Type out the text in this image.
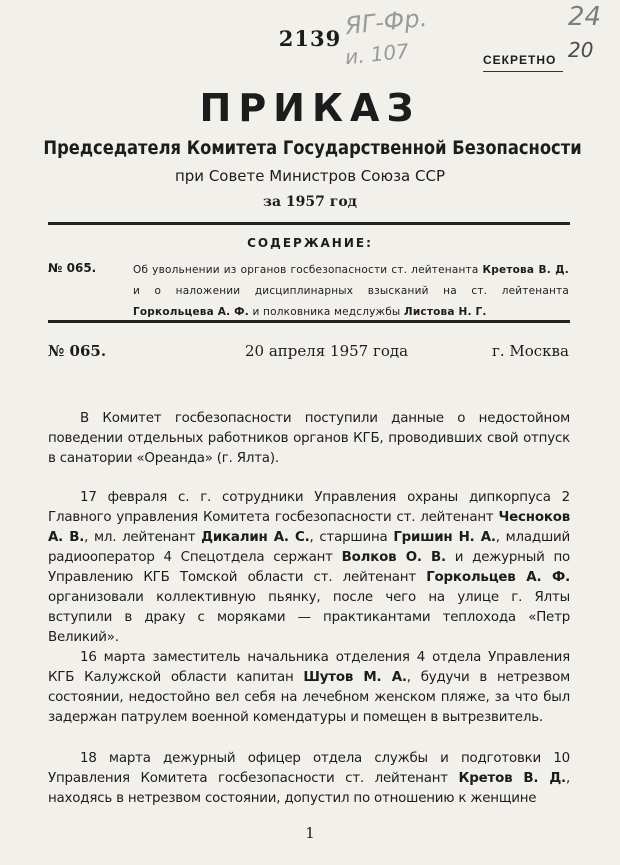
2139 ЯГ-Фр.
и. 107
24
20
СЕКРЕТНО
ПРИКАЗ
Председателя Комитета Государственной Безопасности
при Совете Министров Союза ССР
за 1957 год
СОДЕРЖАНИЕ:
№ 065.	Об увольнении из органов госбезопасности ст. лейтенанта Кретова В. Д. и о наложении дисциплинарных взысканий на ст. лейтенанта Горкольцева А. Ф. и полковника медслужбы Листова Н. Г.
№ 065.	20 апреля 1957 года	г. Москва
В Комитет госбезопасности поступили данные о недостойном поведении отдельных работников органов КГБ, проводивших свой отпуск в санатории «Ореанда» (г. Ялта).
17 февраля с. г. сотрудники Управления охраны дипкорпуса 2 Главного управления Комитета госбезопасности ст. лейтенант Чесноков А. В., мл. лейтенант Дикалин А. С., старшина Гришин Н. А., младший радиооператор 4 Спецотдела сержант Волков О. В. и дежурный по Управлению КГБ Томской области ст. лейтенант Горкольцев А. Ф. организовали коллективную пьянку, после чего на улице г. Ялты вступили в драку с моряками — практикантами теплохода «Петр Великий».
16 марта заместитель начальника отделения 4 отдела Управления КГБ Калужской области капитан Шутов М. А., будучи в нетрезвом состоянии, недостойно вел себя на лечебном женском пляже, за что был задержан патрулем военной комендатуры и помещен в вытрезвитель.
18 марта дежурный офицер отдела службы и подготовки 10 Управления Комитета госбезопасности ст. лейтенант Кретов В. Д., находясь в нетрезвом состоянии, допустил по отношению к женщине
1
